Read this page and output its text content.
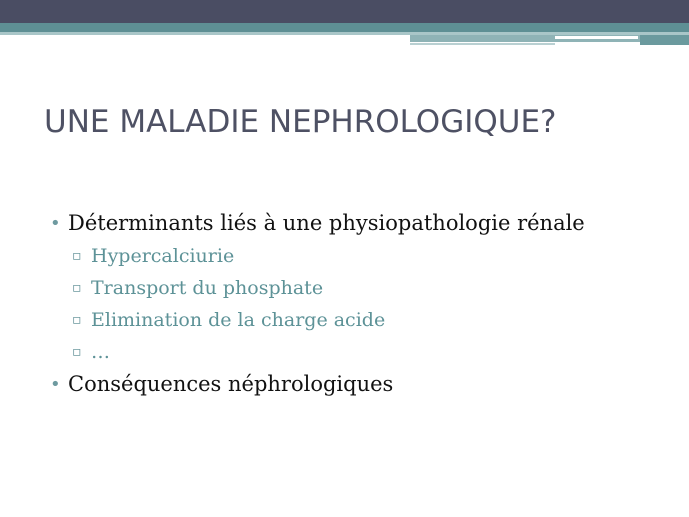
UNE MALADIE NEPHROLOGIQUE?
• Déterminants liés à une physiopathologie rénale
▫ Hypercalciurie
▫ Transport du phosphate
▫ Elimination de la charge acide
▫ …
• Conséquences néphrologiques
